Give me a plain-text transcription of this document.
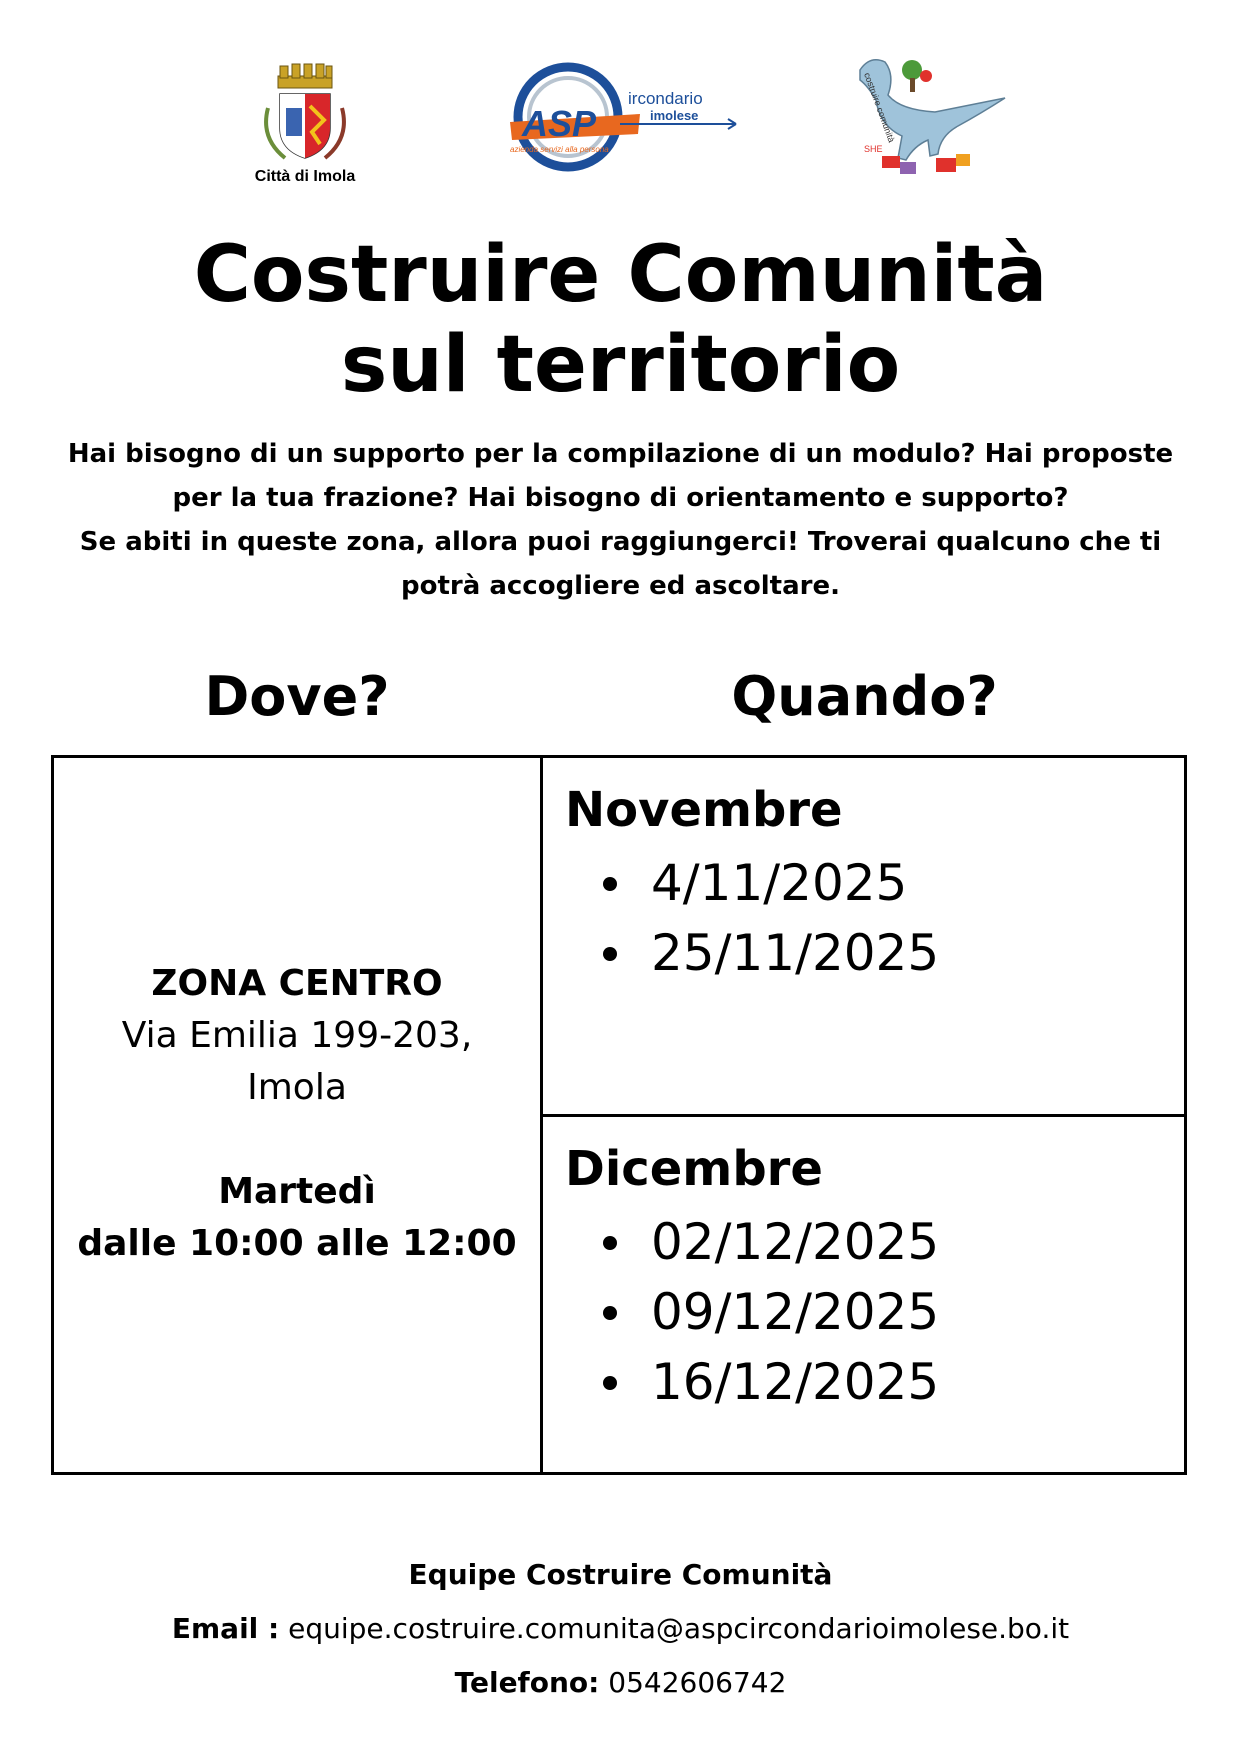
Città di Imola
ASP
ircondario
imolese
azienda servizi alla persona
costruire comunità
SHE
Costruire Comunità
sul territorio
Hai bisogno di un supporto per la compilazione di un modulo? Hai proposte
per la tua frazione? Hai bisogno di orientamento e supporto?
Se abiti in queste zona, allora puoi raggiungerci! Troverai qualcuno che ti
potrà accogliere ed ascoltare.
Dove?	Quando?
ZONA CENTRO
Via Emilia 199-203,
Imola
Martedì
dalle 10:00 alle 12:00
Novembre
4/11/2025
25/11/2025
Dicembre
02/12/2025
09/12/2025
16/12/2025
Equipe Costruire Comunità
Email : equipe.costruire.comunita@aspcircondarioimolese.bo.it
Telefono: 0542606742
